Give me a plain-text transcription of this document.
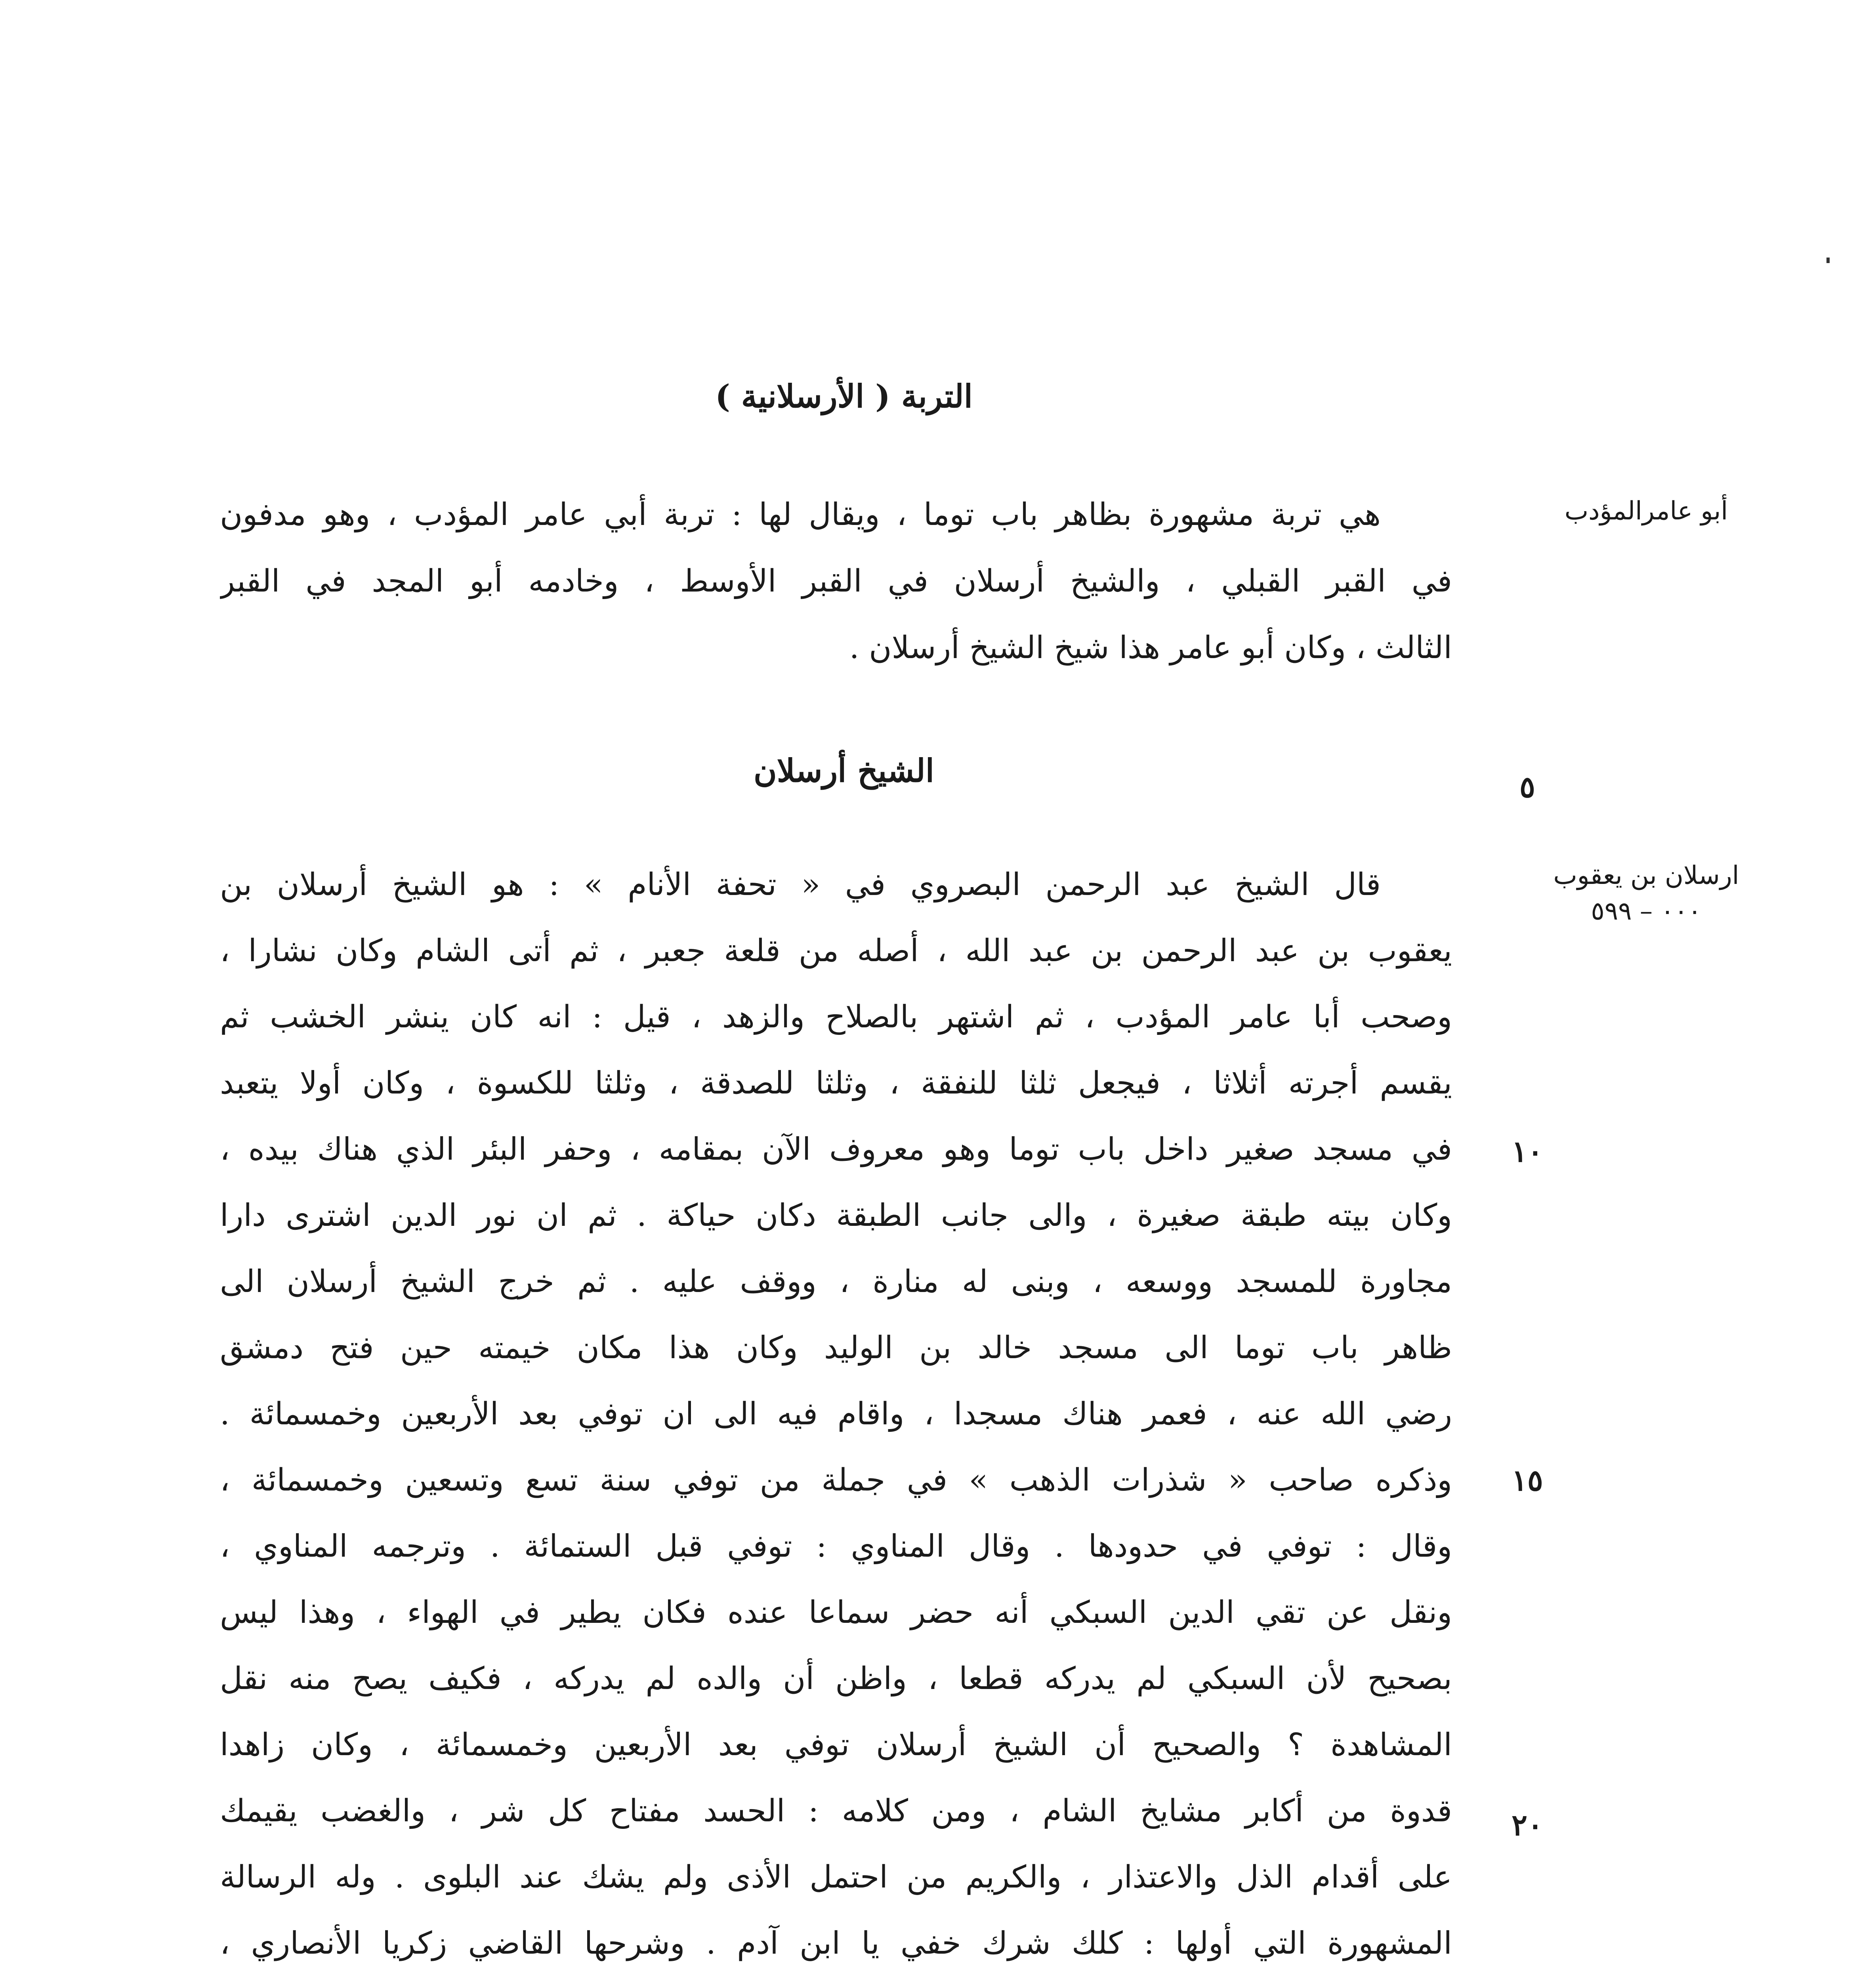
التربة ( الأرسلانية )
أبو عامرالمؤدب
هي تربة مشهورة بظاهر باب توما ، ويقال لها : تربة أبي عامر المؤدب ، وهو مدفون
في القبر القبلي ، والشيخ أرسلان في القبر الأوسط ، وخادمه أبو المجد في القبر
الثالث ، وكان أبو عامر هذا شيخ الشيخ أرسلان .
الشيخ أرسلان
ارسلان بن يعقوب
٠٠٠ – ٥٩٩
٥
١٠
١٥
٢٠
قال الشيخ عبد الرحمن البصروي في « تحفة الأنام » : هو الشيخ أرسلان بن
يعقوب بن عبد الرحمن بن عبد الله ، أصله من قلعة جعبر ، ثم أتى الشام وكان نشارا ،
وصحب أبا عامر المؤدب ، ثم اشتهر بالصلاح والزهد ، قيل : انه كان ينشر الخشب ثم
يقسم أجرته أثلاثا ، فيجعل ثلثا للنفقة ، وثلثا للصدقة ، وثلثا للكسوة ، وكان أولا يتعبد
في مسجد صغير داخل باب توما وهو معروف الآن بمقامه ، وحفر البئر الذي هناك بيده ،
وكان بيته طبقة صغيرة ، والى جانب الطبقة دكان حياكة . ثم ان نور الدين اشترى دارا
مجاورة للمسجد ووسعه ، وبنى له منارة ، ووقف عليه . ثم خرج الشيخ أرسلان الى
ظاهر باب توما الى مسجد خالد بن الوليد وكان هذا مكان خيمته حين فتح دمشق
رضي الله عنه ، فعمر هناك مسجدا ، واقام فيه الى ان توفي بعد الأربعين وخمسمائة .
وذكره صاحب « شذرات الذهب » في جملة من توفي سنة تسع وتسعين وخمسمائة ،
وقال : توفي في حدودها . وقال المناوي : توفي قبل الستمائة . وترجمه المناوي ،
ونقل عن تقي الدين السبكي أنه حضر سماعا عنده فكان يطير في الهواء ، وهذا ليس
بصحيح لأن السبكي لم يدركه قطعا ، واظن أن والده لم يدركه ، فكيف يصح منه نقل
المشاهدة ؟ والصحيح أن الشيخ أرسلان توفي بعد الأربعين وخمسمائة ، وكان زاهدا
قدوة من أكابر مشايخ الشام ، ومن كلامه : الحسد مفتاح كل شر ، والغضب يقيمك
على أقدام الذل والاعتذار ، والكريم من احتمل الأذى ولم يشك عند البلوى . وله الرسالة
المشهورة التي أولها : كلك شرك خفي يا ابن آدم . وشرحها القاضي زكريا الأنصاري ،
